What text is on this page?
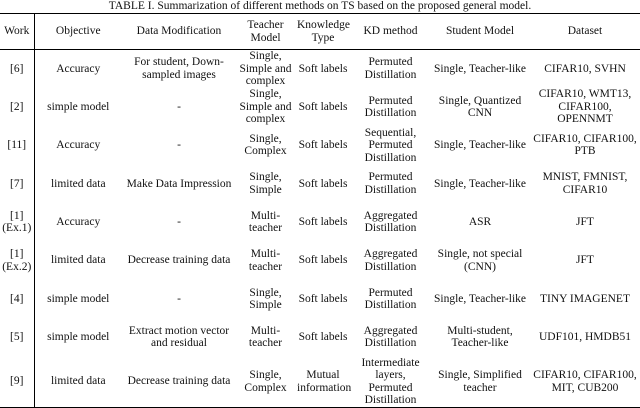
TABLE I. Summarization of different methods on TS based on the proposed general model.
Work	Objective	Data Modification	Teacher Model	Knowledge Type	KD method	Student Model	Dataset
[6]	Accuracy	For student, Down-sampled images	Single, Simple and complex	Soft labels	Permuted Distillation	Single, Teacher-like	CIFAR10, SVHN
[2]	simple model	-	Single, Simple and complex	Soft labels	Permuted Distillation	Single, Quantized CNN	CIFAR10, WMT13, CIFAR100, OPENNMT
[11]	Accuracy	-	Single, Complex	Soft labels	Sequential, Permuted Distillation	Single, Teacher-like	CIFAR10, CIFAR100, PTB
[7]	limited data	Make Data Impression	Single, Simple	Soft labels	Permuted Distillation	Single, Teacher-like	MNIST, FMNIST, CIFAR10
[1] (Ex.1)	Accuracy	-	Multi-teacher	Soft labels	Aggregated Distillation	ASR	JFT
[1] (Ex.2)	limited data	Decrease training data	Multi-teacher	Soft labels	Aggregated Distillation	Single, not special (CNN)	JFT
[4]	simple model	-	Single, Simple	Soft labels	Permuted Distillation	Single, Teacher-like	TINY IMAGENET
[5]	simple model	Extract motion vector and residual	Multi-teacher	Soft labels	Aggregated Distillation	Multi-student, Teacher-like	UDF101, HMDB51
[9]	limited data	Decrease training data	Single, Complex	Mutual information	Intermediate layers, Permuted Distillation	Single, Simplified teacher	CIFAR10, CIFAR100, MIT, CUB200
